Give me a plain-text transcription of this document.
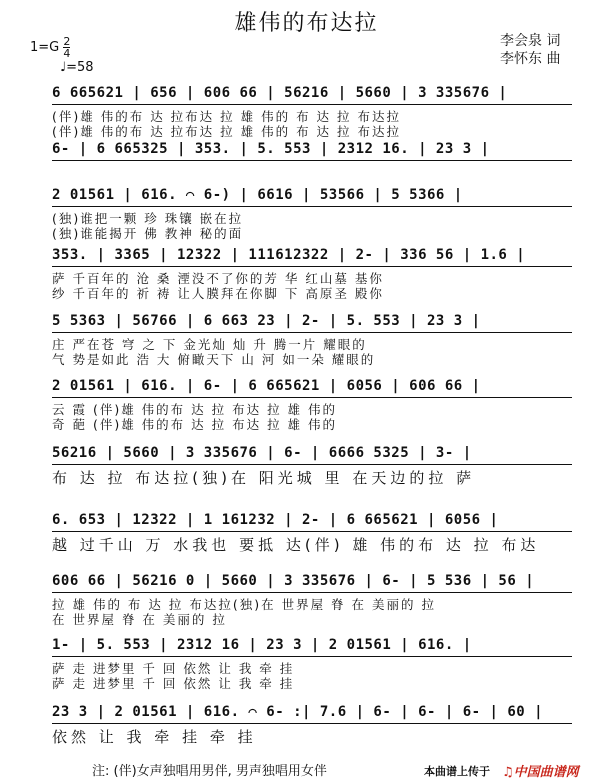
雄伟的布达拉
李会泉 词
李怀东 曲
$1=G \frac{2}{4}$
♩=58
6 665621 | 656 | 606 66 | 56216 | 5660 | 3 335676 |
(伴)雄 伟的布 达 拉布达 拉 雄 伟的 布 达 拉 布达拉
(伴)雄 伟的布 达 拉布达 拉 雄 伟的 布 达 拉 布达拉
6- | 6 665325 | 353. | 5. 553 | 2312 16. | 23 3 |
2 01561 | 616. ⌒ 6-) | 6616 | 53566 | 5 5366 |
(独)谁把一颗 珍 珠镶 嵌在拉
(独)谁能揭开 佛 教神 秘的面
353. | 3365 | 12322 | 111612322 | 2- | 336 56 | 1.6 |
萨 千百年的 沧 桑 湮没不了你的芳 华 红山墓 基你
纱 千百年的 祈 祷 让人膜拜在你脚 下 高原圣 殿你
5 5363 | 56766 | 6 663 23 | 2- | 5. 553 | 23 3 |
庄 严在苍 穹 之 下 金光灿 灿 升 腾一片 耀眼的
气 势是如此 浩 大 俯瞰天下 山 河 如一朵 耀眼的
2 01561 | 616. | 6- | 6 665621 | 6056 | 606 66 |
云 霞 (伴)雄 伟的布 达 拉 布达 拉 雄 伟的
奇 葩 (伴)雄 伟的布 达 拉 布达 拉 雄 伟的
56216 | 5660 | 3 335676 | 6- | 6666 5325 | 3- |
布 达 拉 布达拉(独)在 阳光城 里 在天边的拉 萨
6. 653 | 12322 | 1 161232 | 2- | 6 665621 | 6056 |
越 过千山 万 水我也 要抵 达(伴) 雄 伟的布 达 拉 布达
606 66 | 56216 0 | 5660 | 3 335676 | 6- | 5 536 | 56 |
拉 雄 伟的 布 达 拉 布达拉(独)在 世界屋 脊 在 美丽的 拉
在 世界屋 脊 在 美丽的 拉
1- | 5. 553 | 2312 16 | 23 3 | 2 01561 | 616. |
萨 走 进梦里 千 回 依然 让 我 牵 挂
萨 走 进梦里 千 回 依然 让 我 牵 挂
23 3 | 2 01561 | 616. ⌒ 6- :| 7.6 | 6- | 6- | 6- | 60 |
依然 让 我 牵 挂 牵 挂
注: (伴)女声独唱用男伴, 男声独唱用女伴	本曲谱上传于 ♫中国曲谱网
